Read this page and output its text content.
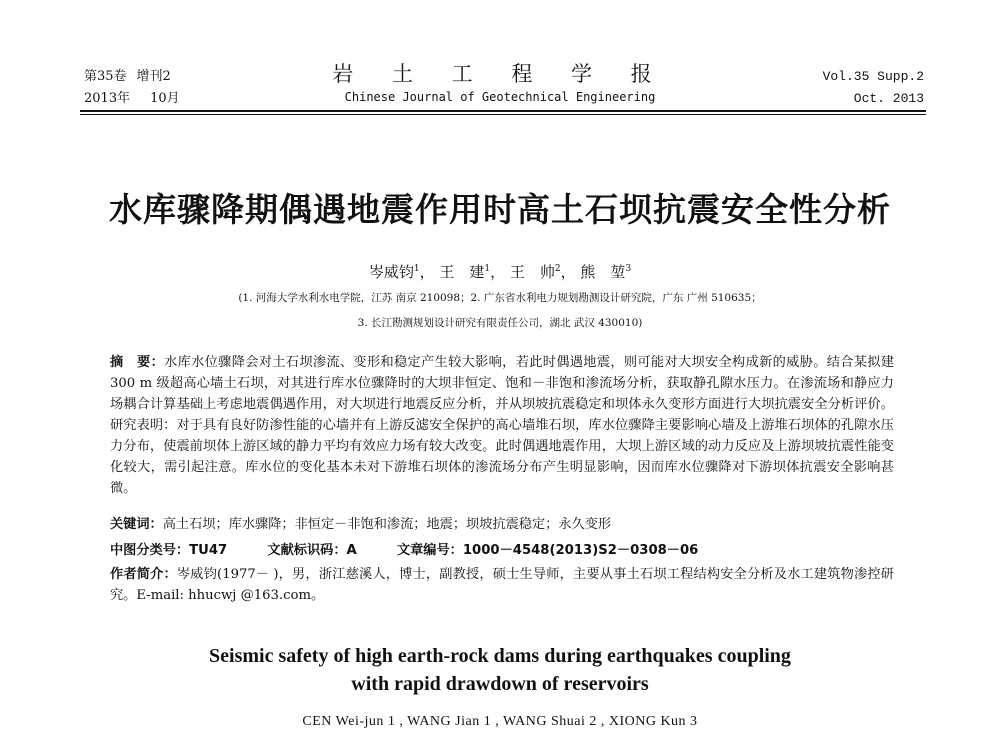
第35卷 增刊2
2013年 10月
岩 土 工 程 学 报
Chinese Journal of Geotechnical Engineering
Vol.35 Supp.2
Oct. 2013
水库骤降期偶遇地震作用时高土石坝抗震安全性分析
岑威钧$^1$， 王　建$^1$， 王　帅$^2$， 熊　堃$^3$
(1. 河海大学水利水电学院，江苏 南京 210098；2. 广东省水利电力规划勘测设计研究院，广东 广州 510635；
3. 长江勘测规划设计研究有限责任公司，湖北 武汉 430010)
摘　要：水库水位骤降会对土石坝渗流、变形和稳定产生较大影响，若此时偶遇地震，则可能对大坝安全构成新的威胁。结合某拟建 300 m 级超高心墙土石坝，对其进行库水位骤降时的大坝非恒定、饱和－非饱和渗流场分析，获取静孔隙水压力。在渗流场和静应力场耦合计算基础上考虑地震偶遇作用，对大坝进行地震反应分析，并从坝坡抗震稳定和坝体永久变形方面进行大坝抗震安全分析评价。研究表明：对于具有良好防渗性能的心墙并有上游反滤安全保护的高心墙堆石坝，库水位骤降主要影响心墙及上游堆石坝体的孔隙水压力分布，使震前坝体上游区域的静力平均有效应力场有较大改变。此时偶遇地震作用，大坝上游区域的动力反应及上游坝坡抗震性能变化较大，需引起注意。库水位的变化基本未对下游堆石坝体的渗流场分布产生明显影响，因而库水位骤降对下游坝体抗震安全影响甚微。
关键词：高土石坝；库水骤降；非恒定－非饱和渗流；地震；坝坡抗震稳定；永久变形
中图分类号：TU47	文献标识码：A	文章编号：1000－4548(2013)S2－0308－06
作者简介：岑威钧(1977－ )，男，浙江慈溪人，博士，副教授，硕士生导师，主要从事土石坝工程结构安全分析及水工建筑物渗控研究。E-mail: hhucwj @163.com。
Seismic safety of high earth-rock dams during earthquakes coupling
with rapid drawdown of reservoirs
CEN Wei-jun 1 , WANG Jian 1 , WANG Shuai 2 , XIONG Kun 3
